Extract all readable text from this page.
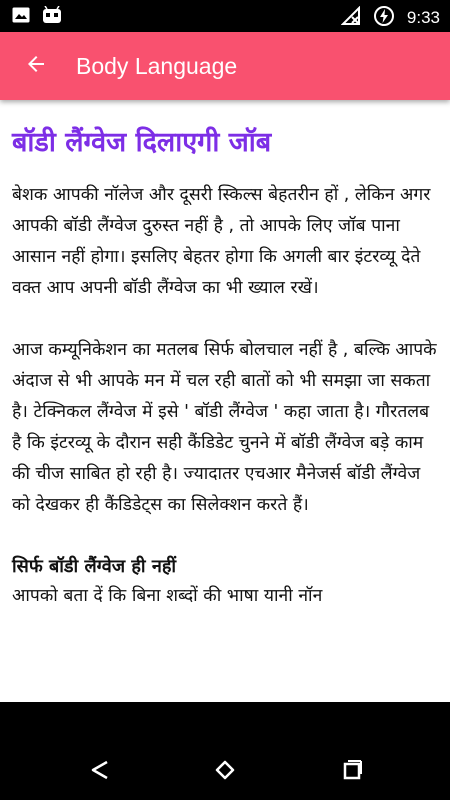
9:33
Body Language
बॉडी लैंग्वेज दिलाएगी जॉब

बेशक आपकी नॉलेज और दूसरी स्किल्स बेहतरीन हों , लेकिन अगर आपकी बॉडी लैंग्वेज दुरुस्त नहीं है , तो आपके लिए जॉब पाना आसान नहीं होगा। इसलिए बेहतर होगा कि अगली बार इंटरव्यू देते वक्त आप अपनी बॉडी लैंग्वेज का भी ख्याल रखें।

आज कम्यूनिकेशन का मतलब सिर्फ बोलचाल नहीं है , बल्कि आपके अंदाज से भी आपके मन में चल रही बातों को भी समझा जा सकता है। टेक्निकल लैंग्वेज में इसे ' बॉडी लैंग्वेज ' कहा जाता है। गौरतलब है कि इंटरव्यू के दौरान सही कैंडिडेट चुनने में बॉडी लैंग्वेज बड़े काम की चीज साबित हो रही है। ज्यादातर एचआर मैनेजर्स बॉडी लैंग्वेज को देखकर ही कैंडिडेट्स का सिलेक्शन करते हैं।

सिर्फ बॉडी लैंग्वेज ही नहीं
आपको बता दें कि बिना शब्दों की भाषा यानी नॉन
